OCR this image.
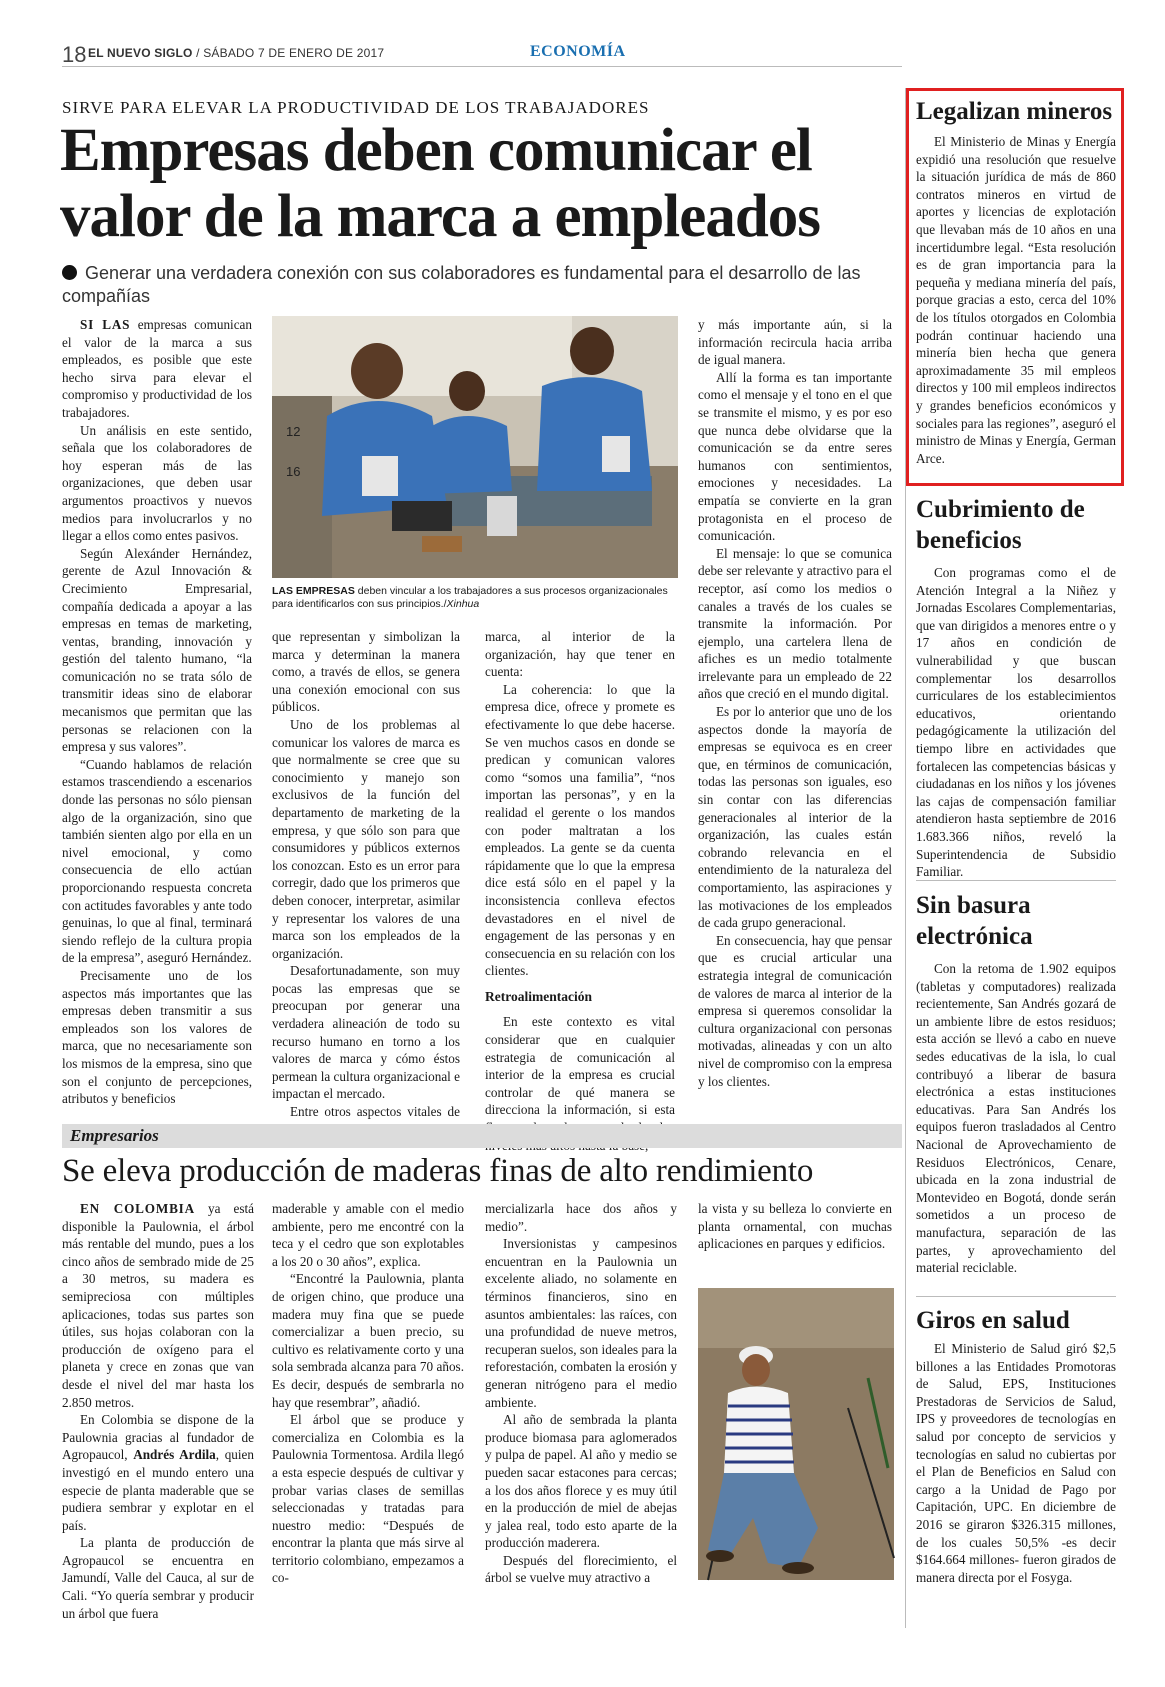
18 EL NUEVO SIGLO / SÁBADO 7 DE ENERO DE 2017	ECONOMÍA
SIRVE PARA ELEVAR LA PRODUCTIVIDAD DE LOS TRABAJADORES
Empresas deben comunicar el valor de la marca a empleados
Generar una verdadera conexión con sus colaboradores es fundamental para el desarrollo de las compañías

SI LAS empresas comunican el valor de la marca a sus empleados, es posible que este hecho sirva para elevar el compromiso y productividad de los trabajadores.

Un análisis en este sentido, señala que los colaboradores de hoy esperan más de las organizaciones, que deben usar argumentos proactivos y nuevos medios para involucrarlos y no llegar a ellos como entes pasivos.

Según Alexánder Hernández, gerente de Azul Innovación & Crecimiento Empresarial, compañía dedicada a apoyar a las empresas en temas de marketing, ventas, branding, innovación y gestión del talento humano, “la comunicación no se trata sólo de transmitir ideas sino de elaborar mecanismos que permitan que las personas se relacionen con la empresa y sus valores”.

“Cuando hablamos de relación estamos trascendiendo a escenarios donde las personas no sólo piensan algo de la organización, sino que también sienten algo por ella en un nivel emocional, y como consecuencia de ello actúan proporcionando respuesta concreta con actitudes favorables y ante todo genuinas, lo que al final, terminará siendo reflejo de la cultura propia de la empresa”, aseguró Hernández.

Precisamente uno de los aspectos más importantes que las empresas deben transmitir a sus empleados son los valores de marca, que no necesariamente son los mismos de la empresa, sino que son el conjunto de percepciones, atributos y beneficios

12
16
LAS EMPRESAS deben vincular a los trabajadores a sus procesos organizacionales para identificarlos con sus principios./Xinhua

que representan y simbolizan la marca y determinan la manera como, a través de ellos, se genera una conexión emocional con sus públicos.

Uno de los problemas al comunicar los valores de marca es que normalmente se cree que su conocimiento y manejo son exclusivos de la función del departamento de marketing de la empresa, y que sólo son para que consumidores y públicos externos los conozcan. Esto es un error para corregir, dado que los primeros que deben conocer, interpretar, asimilar y representar los valores de una marca son los empleados de la organización.

Desafortunadamente, son muy pocas las empresas que se preocupan por generar una verdadera alineación de todo su recurso humano en torno a los valores de marca y cómo éstos permean la cultura organizacional e impactan el mercado.

Entre otros aspectos vitales de

marca, al interior de la organización, hay que tener en cuenta:

La coherencia: lo que la empresa dice, ofrece y promete es efectivamente lo que debe hacerse. Se ven muchos casos en donde se predican y comunican valores como “somos una familia”, “nos importan las personas”, y en la realidad el gerente o los mandos con poder maltratan a los empleados. La gente se da cuenta rápidamente que lo que la empresa dice está sólo en el papel y la inconsistencia conlleva efectos devastadores en el nivel de engagement de las personas y en consecuencia en su relación con los clientes.

Retroalimentación

En este contexto es vital considerar que en cualquier estrategia de comunicación al interior de la empresa es crucial controlar de qué manera se direcciona la información, si esta

y más importante aún, si la información recircula hacia arriba de igual manera.

Allí la forma es tan importante como el mensaje y el tono en el que se transmite el mismo, y es por eso que nunca debe olvidarse que la comunicación se da entre seres humanos con sentimientos, emociones y necesidades. La empatía se convierte en la gran protagonista en el proceso de comunicación.

El mensaje: lo que se comunica debe ser relevante y atractivo para el receptor, así como los medios o canales a través de los cuales se transmite la información. Por ejemplo, una cartelera llena de afiches es un medio totalmente irrelevante para un empleado de 22 años que creció en el mundo digital.

Es por lo anterior que uno de los aspectos donde la mayoría de empresas se equivoca es en creer que, en términos de comunicación, todas las personas son iguales, eso sin contar con las diferencias generacionales al interior de la organización, las cuales están cobrando relevancia en el entendimiento de la naturaleza del comportamiento, las aspiraciones y las motivaciones de los empleados de cada grupo generacional.

En consecuencia, hay que pensar que es crucial articular una estrategia integral de comunicación de valores de marca al interior de la empresa si queremos consolidar la cultura organizacional con personas motivadas, alineadas y con un alto nivel de compromiso con la empresa y los clientes.

Empresarios
Se eleva producción de maderas finas de alto rendimiento

EN COLOMBIA ya está disponible la Paulownia, el árbol más rentable del mundo, pues a los cinco años de sembrado mide de 25 a 30 metros, su madera es semipreciosa con múltiples aplicaciones, todas sus partes son útiles, sus hojas colaboran con la producción de oxígeno para el planeta y crece en zonas que van desde el nivel del mar hasta los 2.850 metros.

En Colombia se dispone de la Paulownia gracias al fundador de Agropaucol, Andrés Ardila, quien investigó en el mundo entero una especie de planta maderable que se pudiera sembrar y explotar en el país.

La planta de producción de Agropaucol se encuentra en Jamundí, Valle del Cauca, al sur de Cali. “Yo quería sembrar y producir un árbol que fuera

maderable y amable con el medio ambiente, pero me encontré con la teca y el cedro que son explotables a los 20 o 30 años”, explica.

“Encontré la Paulownia, planta de origen chino, que produce una madera muy fina que se puede comercializar a buen precio, su cultivo es relativamente corto y una sola sembrada alcanza para 70 años. Es decir, después de sembrarla no hay que resembrar”, añadió.

El árbol que se produce y comercializa en Colombia es la Paulownia Tormentosa. Ardila llegó a esta especie después de cultivar y probar varias clases de semillas seleccionadas y tratadas para nuestro medio: “Después de encontrar la planta que más sirve al territorio colombiano, empezamos a co-

mercializarla hace dos años y medio”.

Inversionistas y campesinos encuentran en la Paulownia un excelente aliado, no solamente en términos financieros, sino en asuntos ambientales: las raíces, con una profundidad de nueve metros, recuperan suelos, son ideales para la reforestación, combaten la erosión y generan nitrógeno para el medio ambiente.

Al año de sembrada la planta produce biomasa para aglomerados y pulpa de papel. Al año y medio se pueden sacar estacones para cercas; a los dos años florece y es muy útil en la producción de miel de abejas y jalea real, todo esto aparte de la producción maderera.

Después del florecimiento, el árbol se vuelve muy atractivo a

la vista y su belleza lo convierte en planta ornamental, con muchas aplicaciones en parques y edificios.

Legalizan mineros

El Ministerio de Minas y Energía expidió una resolución que resuelve la situación jurídica de más de 860 contratos mineros en virtud de aportes y licencias de explotación que llevaban más de 10 años en una incertidumbre legal. “Esta resolución es de gran importancia para la pequeña y mediana minería del país, porque gracias a esto, cerca del 10% de los títulos otorgados en Colombia podrán continuar haciendo una minería bien hecha que genera aproximadamente 35 mil empleos directos y 100 mil empleos indirectos y grandes beneficios económicos y sociales para las regiones”, aseguró el ministro de Minas y Energía, German Arce.

Cubrimiento de beneficios

Con programas como el de Atención Integral a la Niñez y Jornadas Escolares Complementarias, que van dirigidos a menores entre o y 17 años en condición de vulnerabilidad y que buscan complementar los desarrollos curriculares de los establecimientos educativos, orientando pedagógicamente la utilización del tiempo libre en actividades que fortalecen las competencias básicas y ciudadanas en los niños y los jóvenes las cajas de compensación familiar atendieron hasta septiembre de 2016 1.683.366 niños, reveló la Superintendencia de Subsidio Familiar.

Sin basura electrónica

Con la retoma de 1.902 equipos (tabletas y computadores) realizada recientemente, San Andrés gozará de un ambiente libre de estos residuos; esta acción se llevó a cabo en nueve sedes educativas de la isla, lo cual contribuyó a liberar de basura electrónica a estas instituciones educativas. Para San Andrés los equipos fueron trasladados al Centro Nacional de Aprovechamiento de Residuos Electrónicos, Cenare, ubicada en la zona industrial de Montevideo en Bogotá, donde serán sometidos a un proceso de manufactura, separación de las partes, y aprovechamiento del material reciclable.

Giros en salud

El Ministerio de Salud giró $2,5 billones a las Entidades Promotoras de Salud, EPS, Instituciones Prestadoras de Servicios de Salud, IPS y proveedores de tecnologías en salud por concepto de servicios y tecnologías en salud no cubiertas por el Plan de Beneficios en Salud con cargo a la Unidad de Pago por Capitación, UPC. En diciembre de 2016 se giraron $326.315 millones, de los cuales 50,5% -es decir $164.664 millones- fueron girados de manera directa por el Fosyga.
